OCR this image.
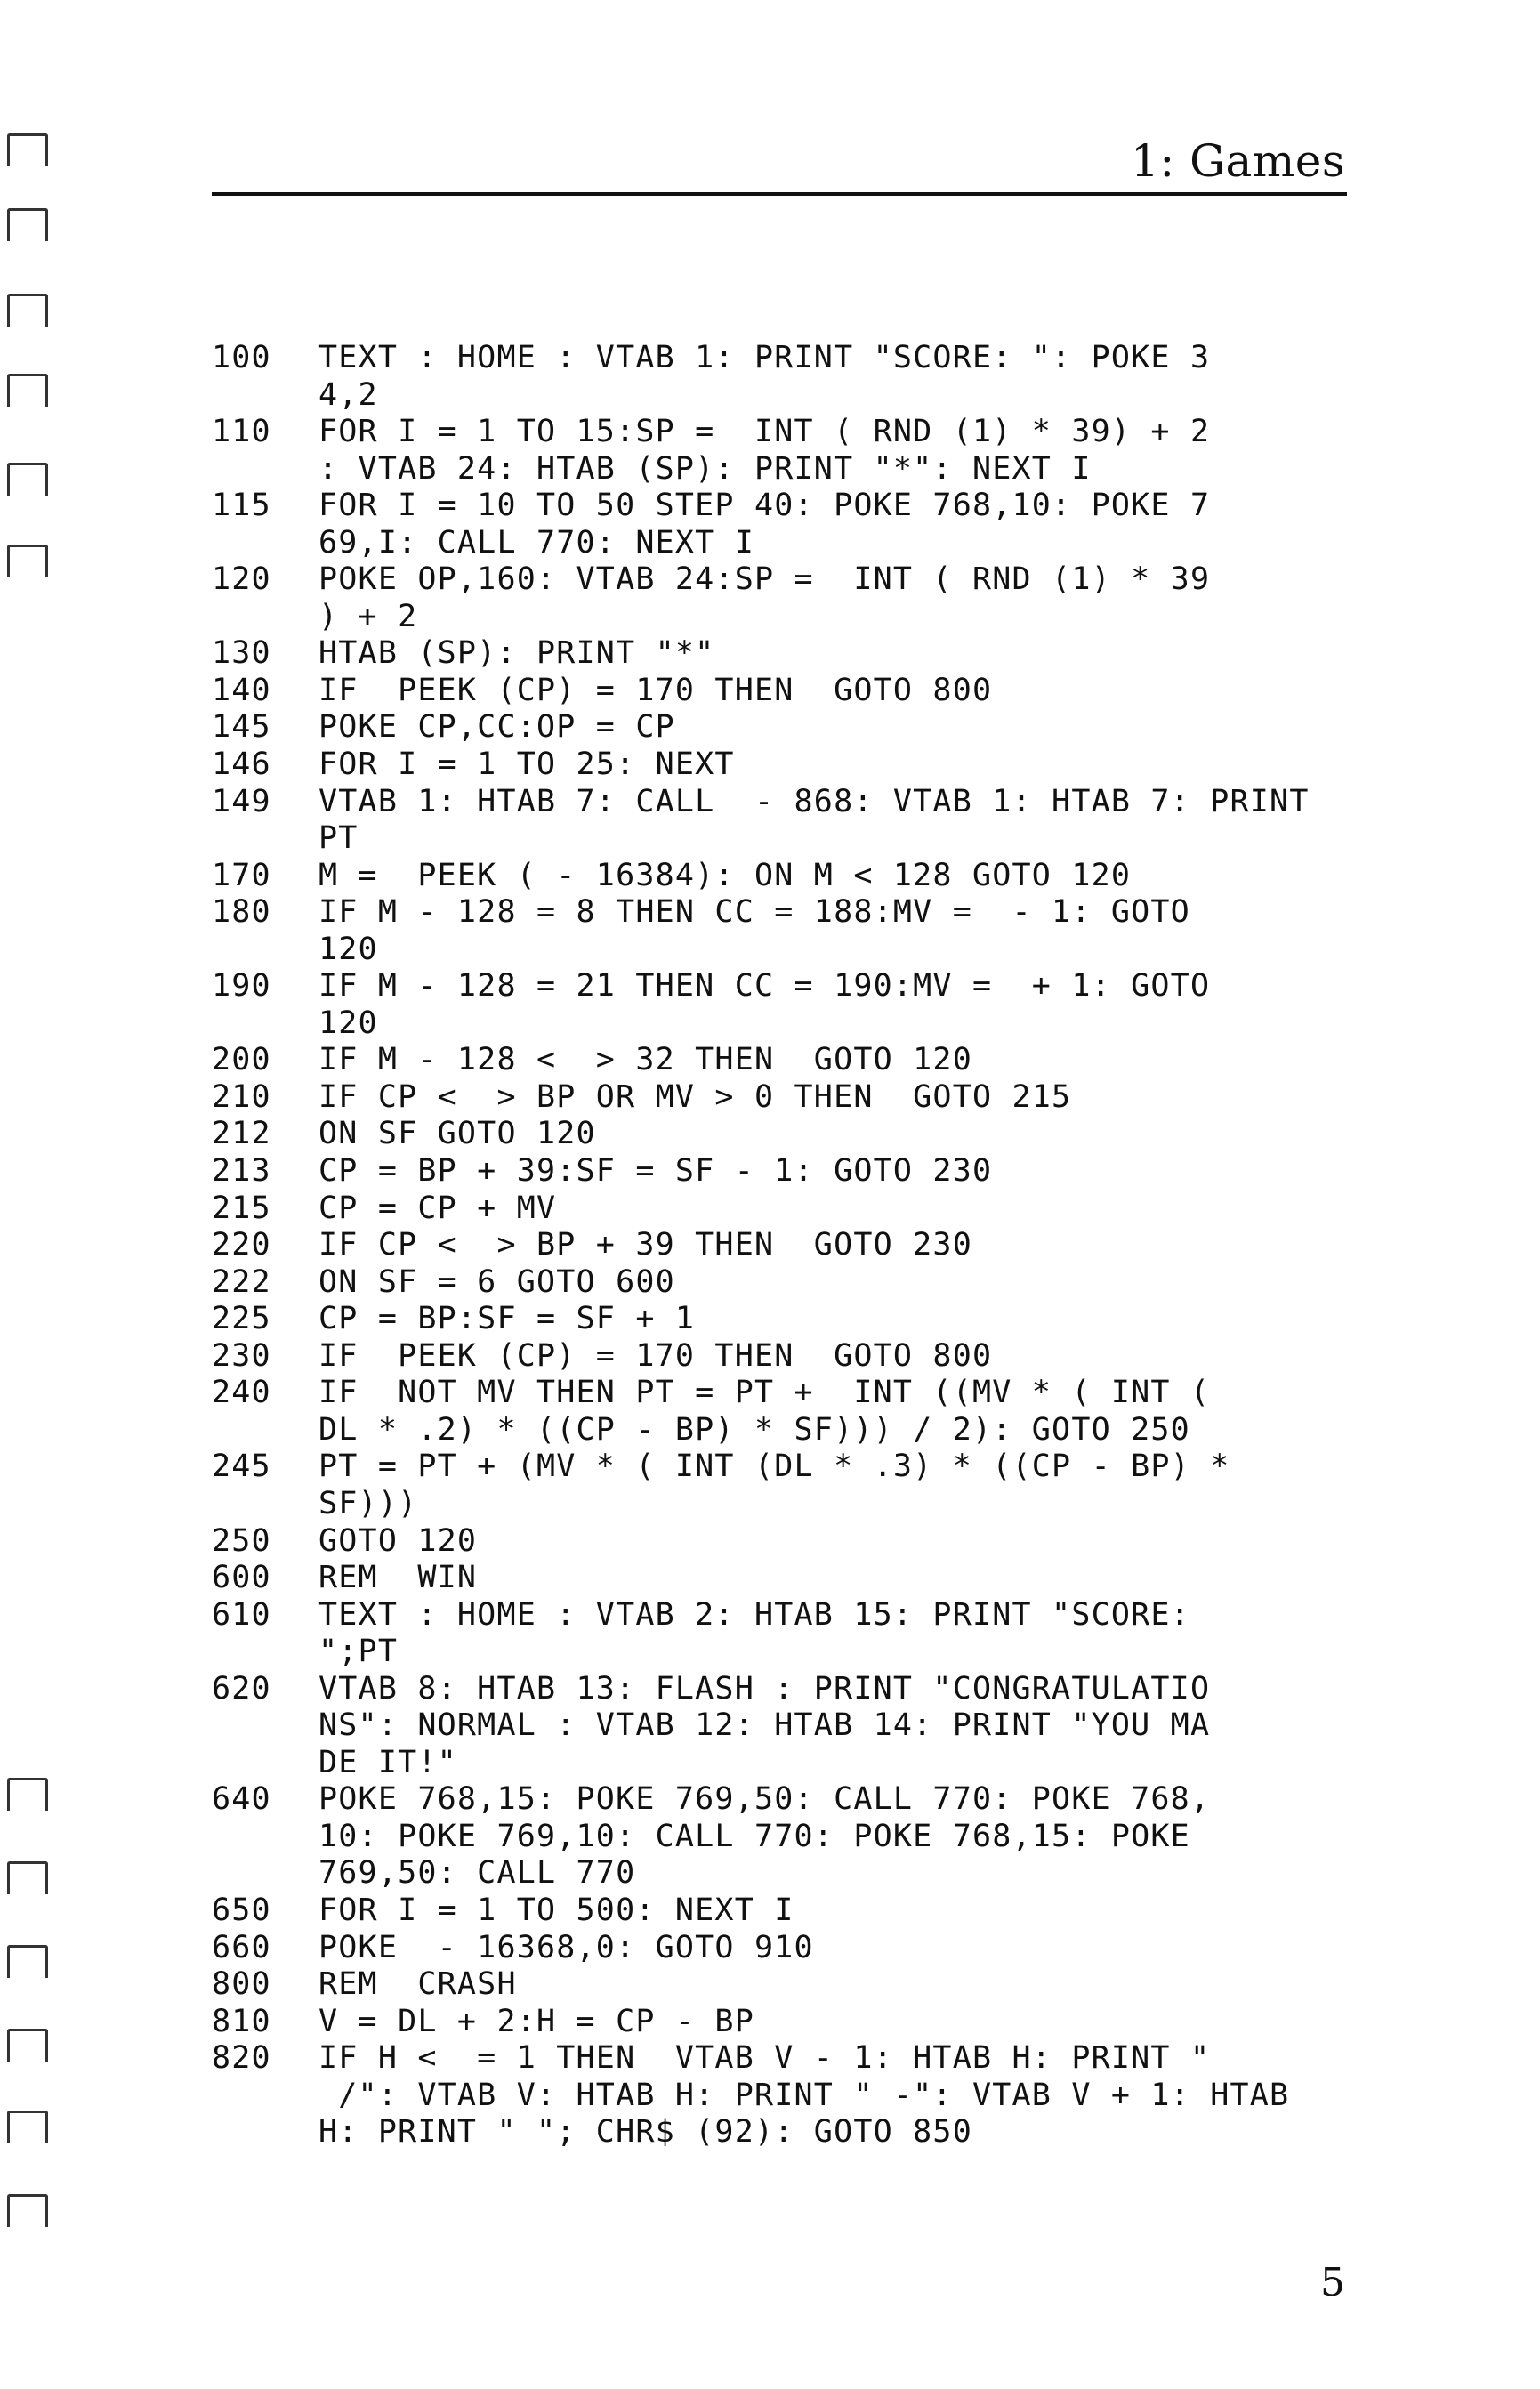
1: Games
100	TEXT : HOME : VTAB 1: PRINT "SCORE: ": POKE 3
4,2
110	FOR I = 1 TO 15:SP =  INT ( RND (1) * 39) + 2
: VTAB 24: HTAB (SP): PRINT "*": NEXT I
115	FOR I = 10 TO 50 STEP 40: POKE 768,10: POKE 7
69,I: CALL 770: NEXT I
120	POKE OP,160: VTAB 24:SP =  INT ( RND (1) * 39
) + 2
130	HTAB (SP): PRINT "*"
140	IF  PEEK (CP) = 170 THEN  GOTO 800
145	POKE CP,CC:OP = CP
146	FOR I = 1 TO 25: NEXT
149	VTAB 1: HTAB 7: CALL  - 868: VTAB 1: HTAB 7: PRINT
PT
170	M =  PEEK ( - 16384): ON M < 128 GOTO 120
180	IF M - 128 = 8 THEN CC = 188:MV =  - 1: GOTO
120
190	IF M - 128 = 21 THEN CC = 190:MV =  + 1: GOTO
120
200	IF M - 128 <  > 32 THEN  GOTO 120
210	IF CP <  > BP OR MV > 0 THEN  GOTO 215
212	ON SF GOTO 120
213	CP = BP + 39:SF = SF - 1: GOTO 230
215	CP = CP + MV
220	IF CP <  > BP + 39 THEN  GOTO 230
222	ON SF = 6 GOTO 600
225	CP = BP:SF = SF + 1
230	IF  PEEK (CP) = 170 THEN  GOTO 800
240	IF  NOT MV THEN PT = PT +  INT ((MV * ( INT (
DL * .2) * ((CP - BP) * SF))) / 2): GOTO 250
245	PT = PT + (MV * ( INT (DL * .3) * ((CP - BP) *
SF)))
250	GOTO 120
600	REM  WIN
610	TEXT : HOME : VTAB 2: HTAB 15: PRINT "SCORE:
";PT
620	VTAB 8: HTAB 13: FLASH : PRINT "CONGRATULATIO
NS": NORMAL : VTAB 12: HTAB 14: PRINT "YOU MA
DE IT!"
640	POKE 768,15: POKE 769,50: CALL 770: POKE 768,
10: POKE 769,10: CALL 770: POKE 768,15: POKE
769,50: CALL 770
650	FOR I = 1 TO 500: NEXT I
660	POKE  - 16368,0: GOTO 910
800	REM  CRASH
810	V = DL + 2:H = CP - BP
820	IF H <  = 1 THEN  VTAB V - 1: HTAB H: PRINT "
/": VTAB V: HTAB H: PRINT " -": VTAB V + 1: HTAB
H: PRINT " "; CHR$ (92): GOTO 850
5
